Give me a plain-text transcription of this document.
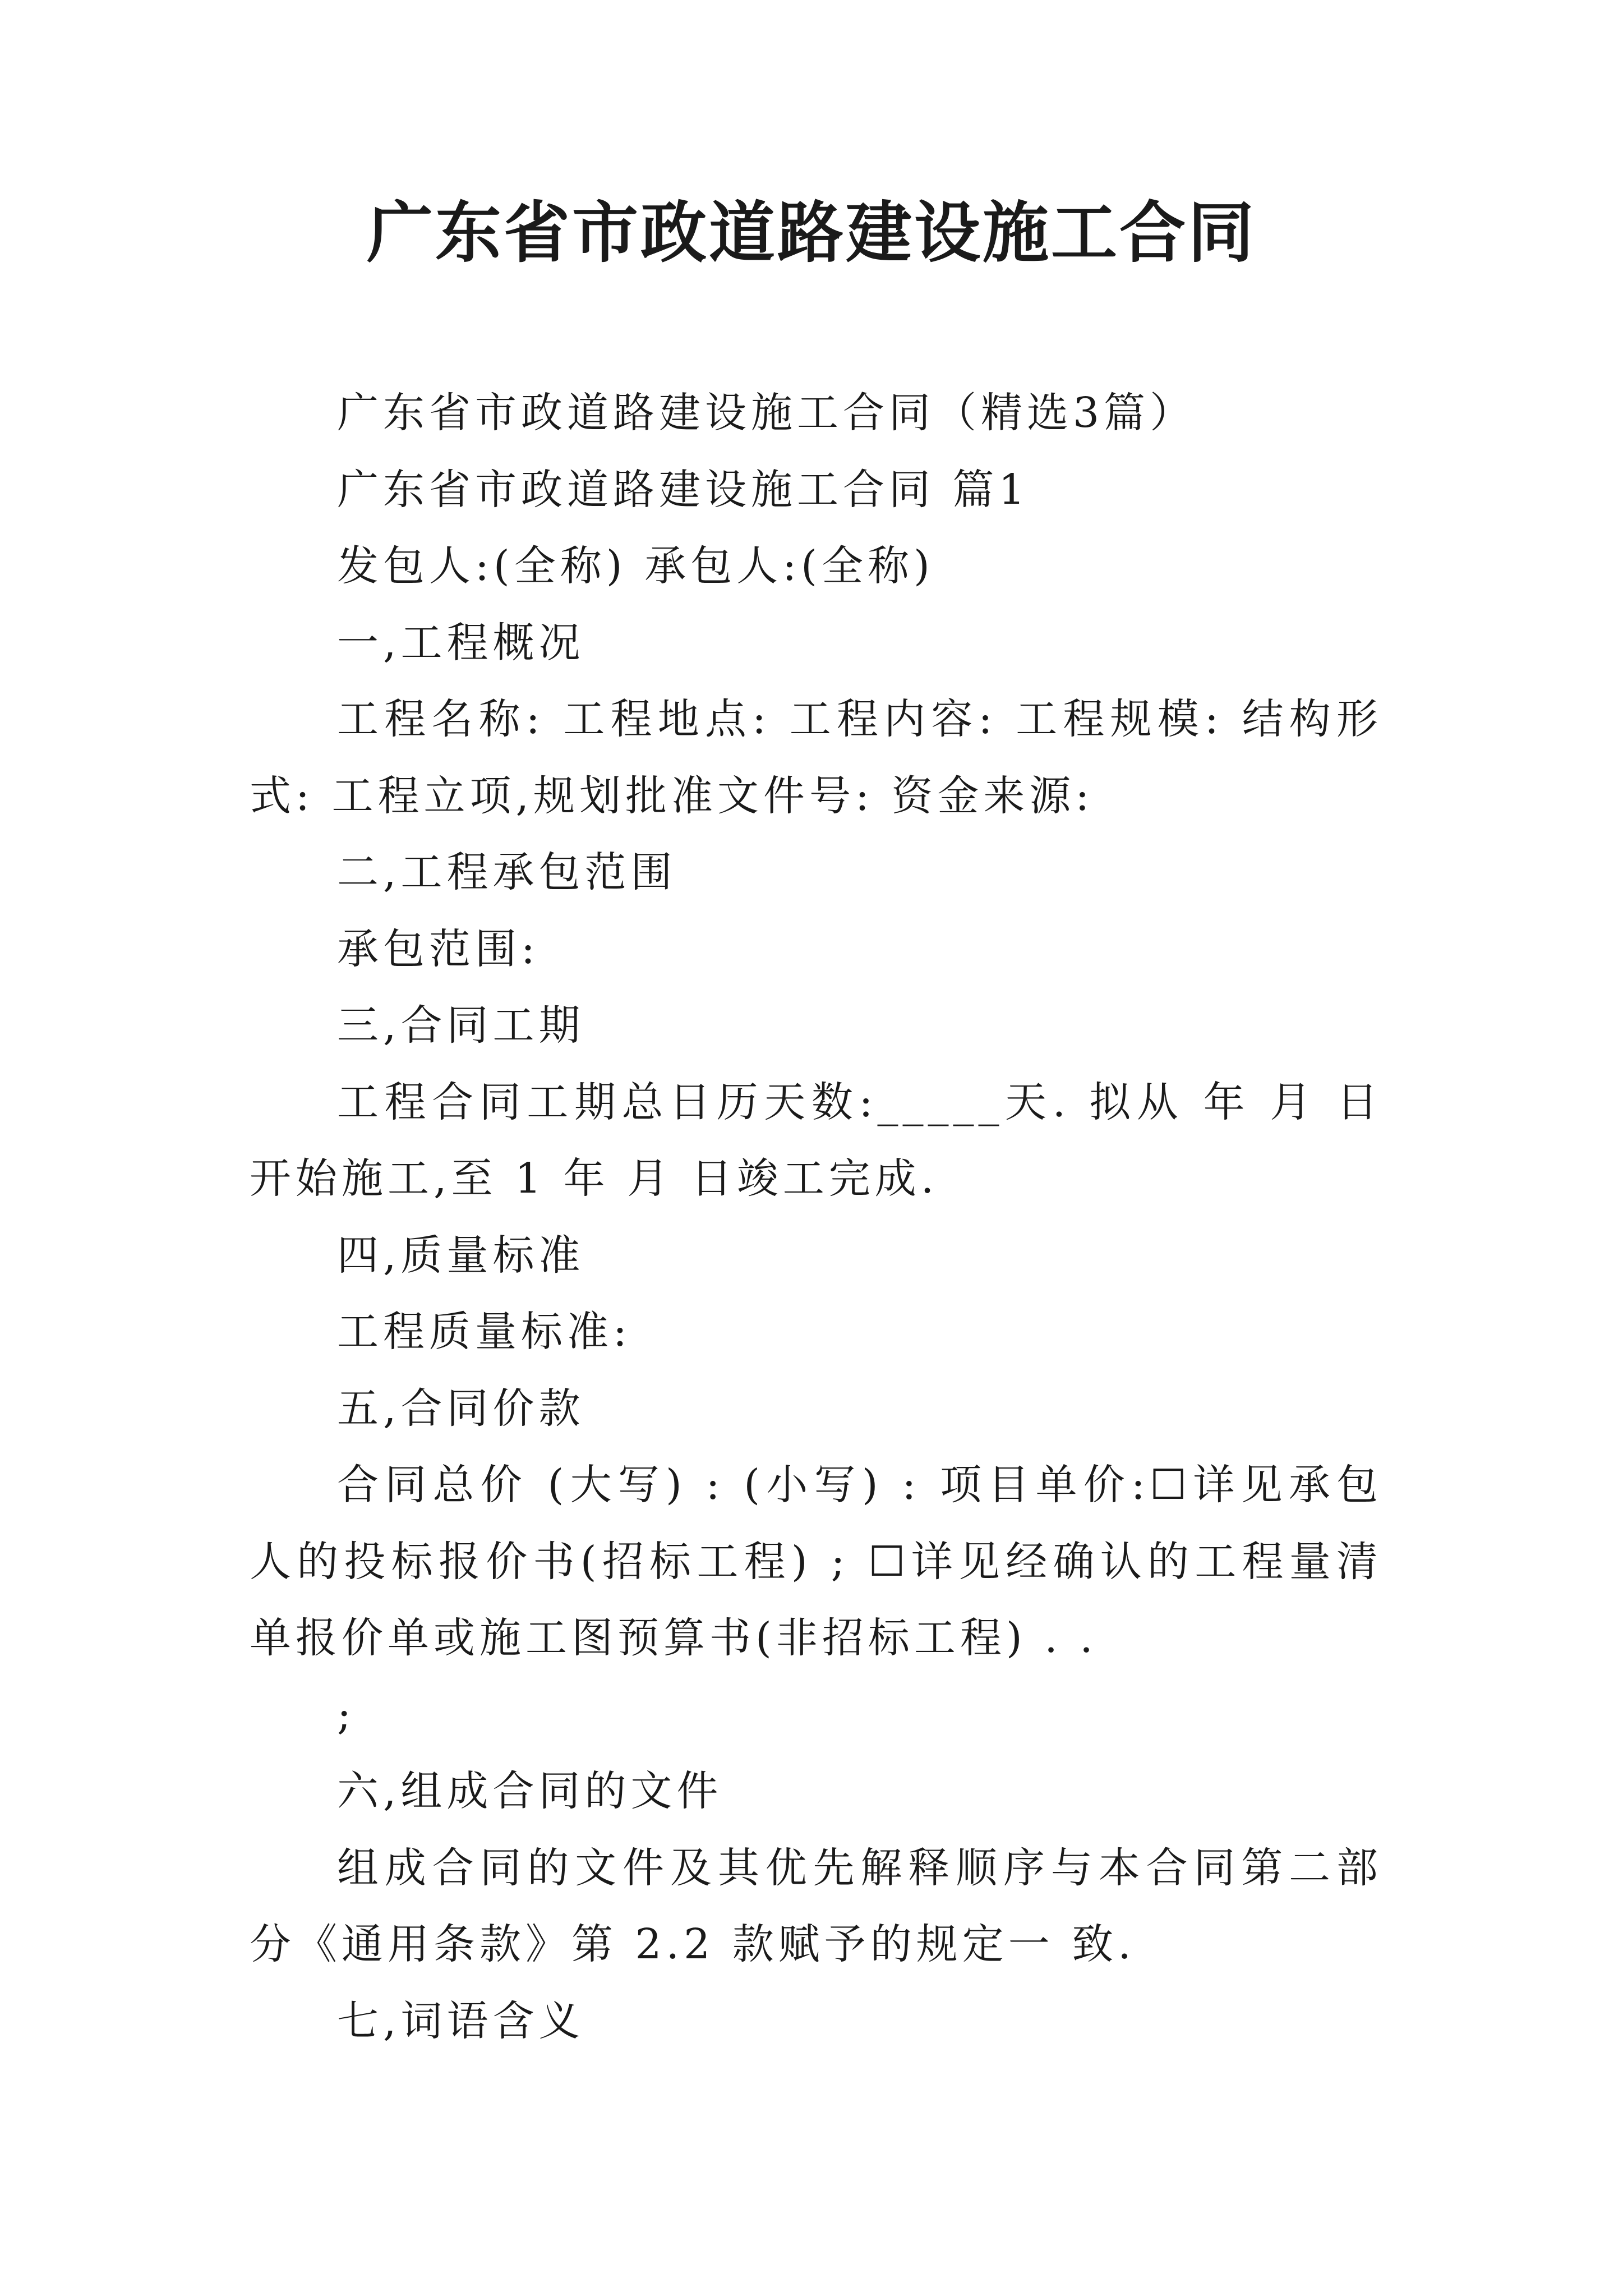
广东省市政道路建设施工合同

广东省市政道路建设施工合同（精选3篇）

广东省市政道路建设施工合同 篇1

发包人:(全称) 承包人:(全称)

一,工程概况

工程名称: 工程地点: 工程内容: 工程规模: 结构形式: 工程立项,规划批准文件号: 资金来源:

二,工程承包范围

承包范围:

三,合同工期

工程合同工期总日历天数:_____天. 拟从 年 月 日开始施工,至 1 年 月 日竣工完成.

四,质量标准

工程质量标准:

五,合同价款

合同总价 (大写) : (小写) : 项目单价:☐详见承包人的投标报价书(招标工程) ; ☐详见经确认的工程量清单报价单或施工图预算书(非招标工程) . .

;

六,组成合同的文件

组成合同的文件及其优先解释顺序与本合同第二部分《通用条款》第 2.2 款赋予的规定一 致.

七,词语含义
